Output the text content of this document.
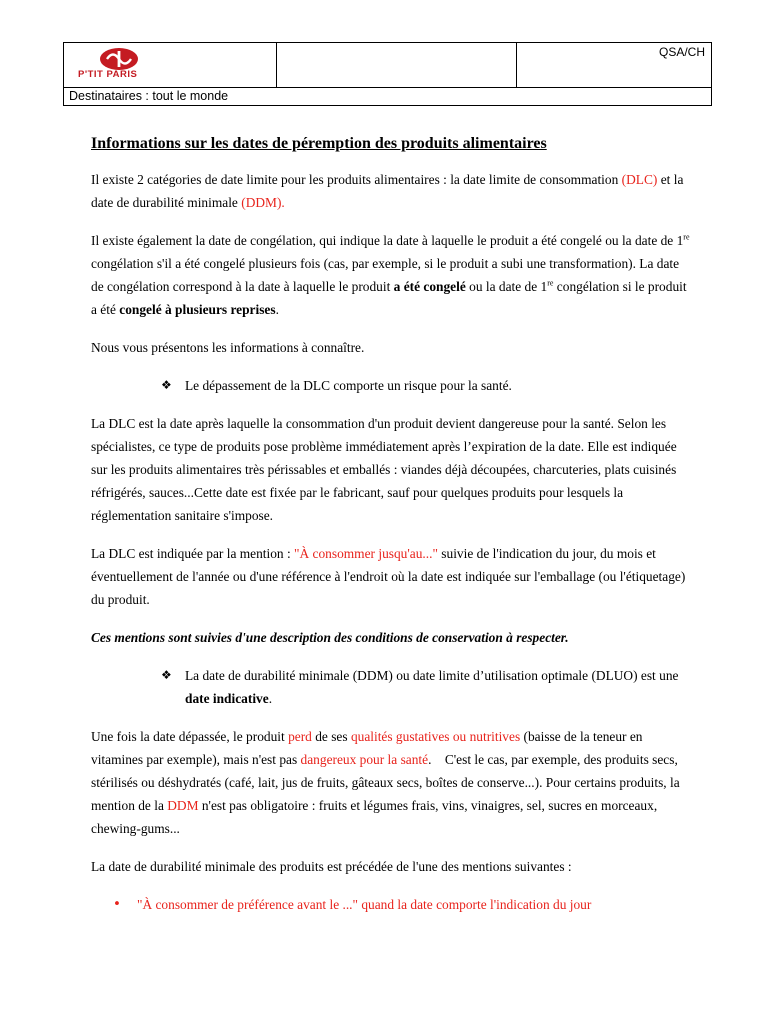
P'TIT PARIS
		QSA/CH
Destinataires : tout le monde
Informations sur les dates de péremption des produits alimentaires

Il existe 2 catégories de date limite pour les produits alimentaires : la date limite de consommation (DLC) et la date de durabilité minimale (DDM).

Il existe également la date de congélation, qui indique la date à laquelle le produit a été congelé ou la date de 1re congélation s'il a été congelé plusieurs fois (cas, par exemple, si le produit a subi une transformation). La date de congélation correspond à la date à laquelle le produit a été congelé ou la date de 1re congélation si le produit a été congelé à plusieurs reprises.

Nous vous présentons les informations à connaître.

❖ Le dépassement de la DLC comporte un risque pour la santé.

La DLC est la date après laquelle la consommation d'un produit devient dangereuse pour la santé. Selon les spécialistes, ce type de produits pose problème immédiatement après l’expiration de la date. Elle est indiquée sur les produits alimentaires très périssables et emballés : viandes déjà découpées, charcuteries, plats cuisinés réfrigérés, sauces...Cette date est fixée par le fabricant, sauf pour quelques produits pour lesquels la réglementation sanitaire s'impose.

La DLC est indiquée par la mention : "À consommer jusqu'au..." suivie de l'indication du jour, du mois et éventuellement de l'année ou d'une référence à l'endroit où la date est indiquée sur l'emballage (ou l'étiquetage) du produit.

Ces mentions sont suivies d'une description des conditions de conservation à respecter.

❖ La date de durabilité minimale (DDM) ou date limite d’utilisation optimale (DLUO) est une date indicative.

Une fois la date dépassée, le produit perd de ses qualités gustatives ou nutritives (baisse de la teneur en vitamines par exemple), mais n'est pas dangereux pour la santé.    C'est le cas, par exemple, des produits secs, stérilisés ou déshydratés (café, lait, jus de fruits, gâteaux secs, boîtes de conserve...). Pour certains produits, la mention de la DDM n'est pas obligatoire : fruits et légumes frais, vins, vinaigres, sel, sucres en morceaux, chewing-gums...

La date de durabilité minimale des produits est précédée de l'une des mentions suivantes :

• "À consommer de préférence avant le ..." quand la date comporte l'indication du jour
